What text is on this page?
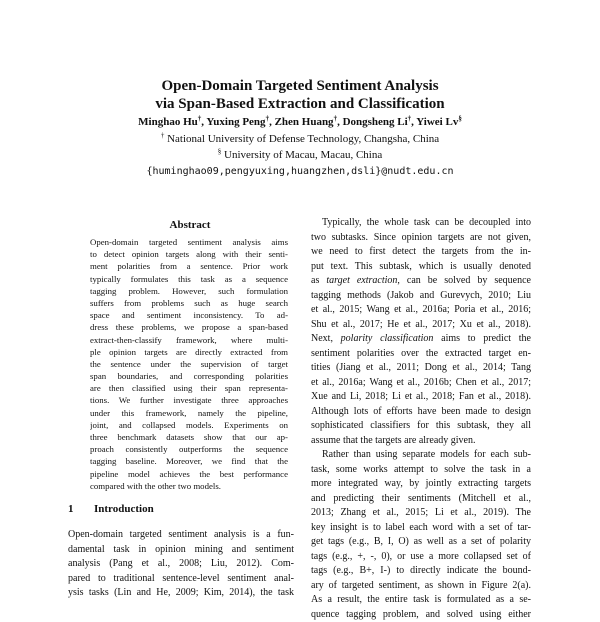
Open-Domain Targeted Sentiment Analysis
via Span-Based Extraction and Classification
Minghao Hu†, Yuxing Peng†, Zhen Huang†, Dongsheng Li†, Yiwei Lv§
† National University of Defense Technology, Changsha, China
§ University of Macau, Macau, China
{huminghao09,pengyuxing,huangzhen,dsli}@nudt.edu.cn
Abstract
Open-domain targeted sentiment analysis aims
to detect opinion targets along with their senti-
ment polarities from a sentence. Prior work
typically formulates this task as a sequence
tagging problem. However, such formulation
suffers from problems such as huge search
space and sentiment inconsistency. To ad-
dress these problems, we propose a span-based
extract-then-classify framework, where multi-
ple opinion targets are directly extracted from
the sentence under the supervision of target
span boundaries, and corresponding polarities
are then classified using their span representa-
tions. We further investigate three approaches
under this framework, namely the pipeline,
joint, and collapsed models. Experiments on
three benchmark datasets show that our ap-
proach consistently outperforms the sequence
tagging baseline. Moreover, we find that the
pipeline model achieves the best performance
compared with the other two models.
1 Introduction
Open-domain targeted sentiment analysis is a fun-
damental task in opinion mining and sentiment
analysis (Pang et al., 2008; Liu, 2012). Com-
pared to traditional sentence-level sentiment anal-
ysis tasks (Lin and He, 2009; Kim, 2014), the task
Typically, the whole task can be decoupled into
two subtasks. Since opinion targets are not given,
we need to first detect the targets from the in-
put text. This subtask, which is usually denoted
as target extraction, can be solved by sequence
tagging methods (Jakob and Gurevych, 2010; Liu
et al., 2015; Wang et al., 2016a; Poria et al., 2016;
Shu et al., 2017; He et al., 2017; Xu et al., 2018).
Next, polarity classification aims to predict the
sentiment polarities over the extracted target en-
tities (Jiang et al., 2011; Dong et al., 2014; Tang
et al., 2016a; Wang et al., 2016b; Chen et al., 2017;
Xue and Li, 2018; Li et al., 2018; Fan et al., 2018).
Although lots of efforts have been made to design
sophisticated classifiers for this subtask, they all
assume that the targets are already given.
Rather than using separate models for each sub-
task, some works attempt to solve the task in a
more integrated way, by jointly extracting targets
and predicting their sentiments (Mitchell et al.,
2013; Zhang et al., 2015; Li et al., 2019). The
key insight is to label each word with a set of tar-
get tags (e.g., B, I, O) as well as a set of polarity
tags (e.g., +, -, 0), or use a more collapsed set of
tags (e.g., B+, I-) to directly indicate the bound-
ary of targeted sentiment, as shown in Figure 2(a).
As a result, the entire task is formulated as a se-
quence tagging problem, and solved using either
